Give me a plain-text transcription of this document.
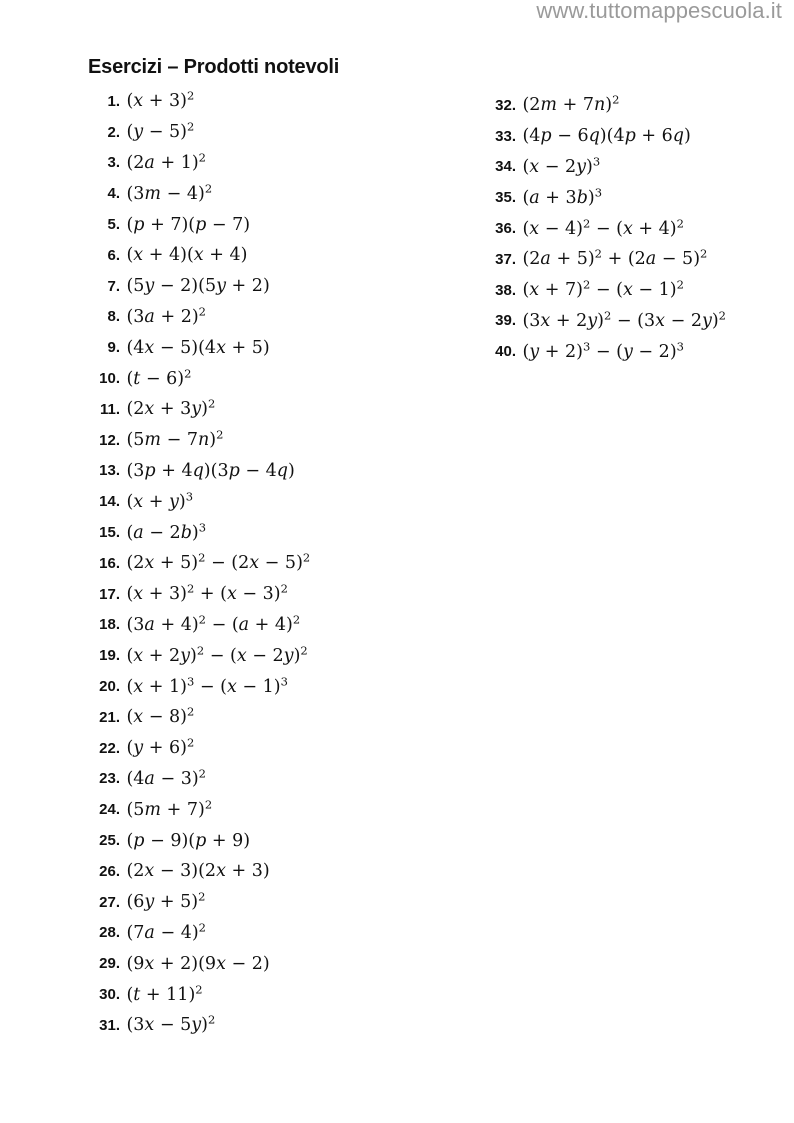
www.tuttomappescuola.it
Esercizi – Prodotti notevoli
1.
$(x + 3)^2$
2.
$(y - 5)^2$
3.
$(2a + 1)^2$
4.
$(3m - 4)^2$
5.
(p + 7)(p − 7)
6.
(x + 4)(x + 4)
7.
(5y − 2)(5y + 2)
8.
$(3a + 2)^2$
9.
(4x − 5)(4x + 5)
10.
$(t - 6)^2$
11.
$(2x + 3y)^2$
12.
$(5m - 7n)^2$
13.
(3p + 4q)(3p − 4q)
14.
$(x + y)^3$
15.
$(a - 2b)^3$
16.
$(2x + 5)^2 - (2x - 5)^2$
17.
$(x + 3)^2 + (x - 3)^2$
18.
$(3a + 4)^2 - (a + 4)^2$
19.
$(x + 2y)^2 - (x - 2y)^2$
20.
$(x + 1)^3 - (x - 1)^3$
21.
$(x - 8)^2$
22.
$(y + 6)^2$
23.
$(4a - 3)^2$
24.
$(5m + 7)^2$
25.
(p − 9)(p + 9)
26.
(2x − 3)(2x + 3)
27.
$(6y + 5)^2$
28.
$(7a - 4)^2$
29.
(9x + 2)(9x − 2)
30.
$(t + 11)^2$
31.
$(3x - 5y)^2$
32.
$(2m + 7n)^2$
33.
(4p − 6q)(4p + 6q)
34.
$(x - 2y)^3$
35.
$(a + 3b)^3$
36.
$(x - 4)^2 - (x + 4)^2$
37.
$(2a + 5)^2 + (2a - 5)^2$
38.
$(x + 7)^2 - (x - 1)^2$
39.
$(3x + 2y)^2 - (3x - 2y)^2$
40.
$(y + 2)^3 - (y - 2)^3$
